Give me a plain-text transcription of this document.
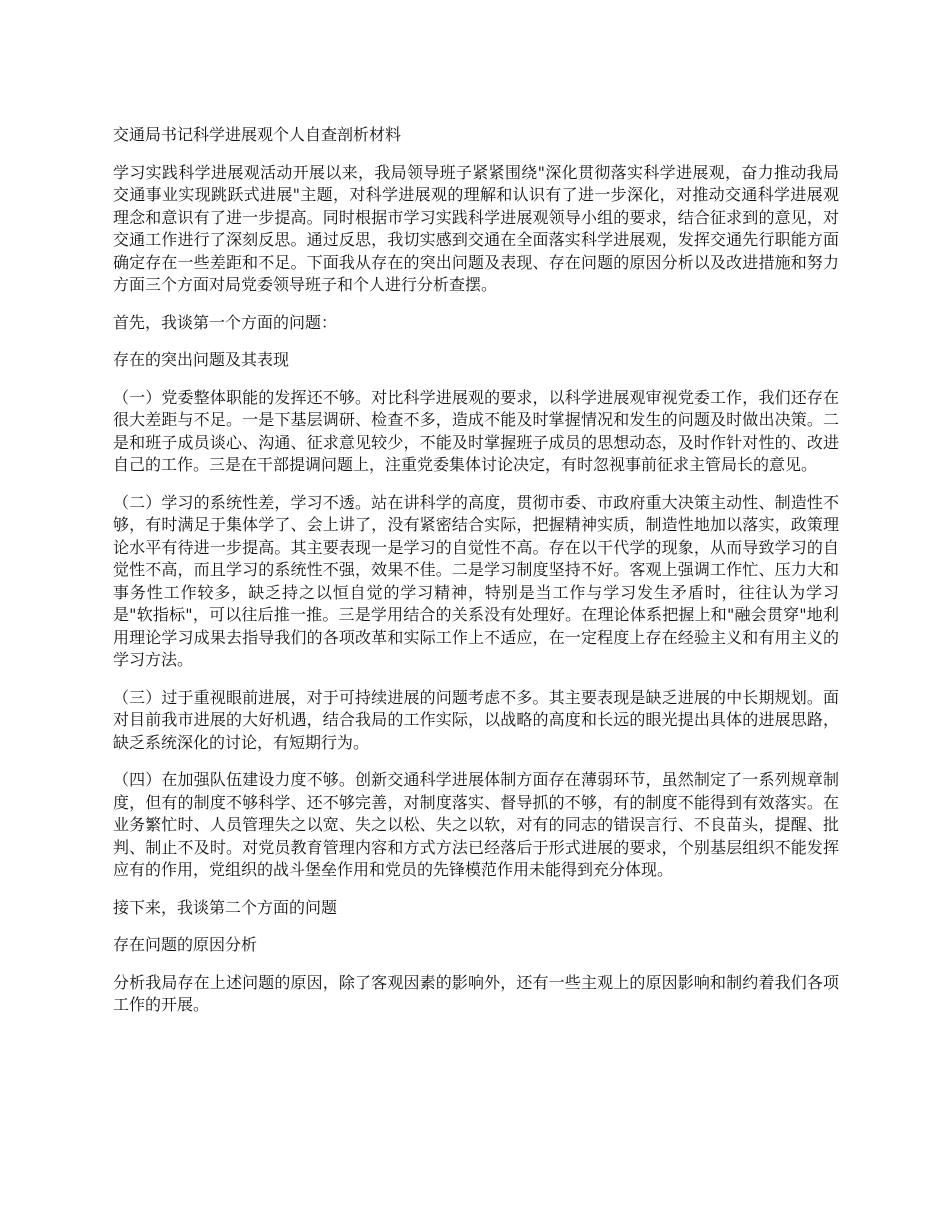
交通局书记科学进展观个人自查剖析材料

学习实践科学进展观活动开展以来，我局领导班子紧紧围绕"深化贯彻落实科学进展观，奋力推动我局交通事业实现跳跃式进展"主题，对科学进展观的理解和认识有了进一步深化，对推动交通科学进展观理念和意识有了进一步提高。同时根据市学习实践科学进展观领导小组的要求，结合征求到的意见，对交通工作进行了深刻反思。通过反思，我切实感到交通在全面落实科学进展观，发挥交通先行职能方面确定存在一些差距和不足。下面我从存在的突出问题及表现、存在问题的原因分析以及改进措施和努力方面三个方面对局党委领导班子和个人进行分析查摆。

首先，我谈第一个方面的问题：

存在的突出问题及其表现

（一）党委整体职能的发挥还不够。对比科学进展观的要求，以科学进展观审视党委工作，我们还存在很大差距与不足。一是下基层调研、检查不多，造成不能及时掌握情况和发生的问题及时做出决策。二是和班子成员谈心、沟通、征求意见较少，不能及时掌握班子成员的思想动态，及时作针对性的、改进自己的工作。三是在干部提调问题上，注重党委集体讨论决定，有时忽视事前征求主管局长的意见。

（二）学习的系统性差，学习不透。站在讲科学的高度，贯彻市委、市政府重大决策主动性、制造性不够，有时满足于集体学了、会上讲了，没有紧密结合实际，把握精神实质，制造性地加以落实，政策理论水平有待进一步提高。其主要表现一是学习的自觉性不高。存在以干代学的现象，从而导致学习的自觉性不高，而且学习的系统性不强，效果不佳。二是学习制度坚持不好。客观上强调工作忙、压力大和事务性工作较多，缺乏持之以恒自觉的学习精神，特别是当工作与学习发生矛盾时，往往认为学习是"软指标"，可以往后推一推。三是学用结合的关系没有处理好。在理论体系把握上和"融会贯穿"地利用理论学习成果去指导我们的各项改革和实际工作上不适应，在一定程度上存在经验主义和有用主义的学习方法。

（三）过于重视眼前进展，对于可持续进展的问题考虑不多。其主要表现是缺乏进展的中长期规划。面对目前我市进展的大好机遇，结合我局的工作实际，以战略的高度和长远的眼光提出具体的进展思路，缺乏系统深化的讨论，有短期行为。

（四）在加强队伍建设力度不够。创新交通科学进展体制方面存在薄弱环节，虽然制定了一系列规章制度，但有的制度不够科学、还不够完善，对制度落实、督导抓的不够，有的制度不能得到有效落实。在业务繁忙时、人员管理失之以宽、失之以松、失之以软，对有的同志的错误言行、不良苗头，提醒、批判、制止不及时。对党员教育管理内容和方式方法已经落后于形式进展的要求，个别基层组织不能发挥应有的作用，党组织的战斗堡垒作用和党员的先锋模范作用未能得到充分体现。

接下来，我谈第二个方面的问题

存在问题的原因分析

分析我局存在上述问题的原因，除了客观因素的影响外，还有一些主观上的原因影响和制约着我们各项工作的开展。
